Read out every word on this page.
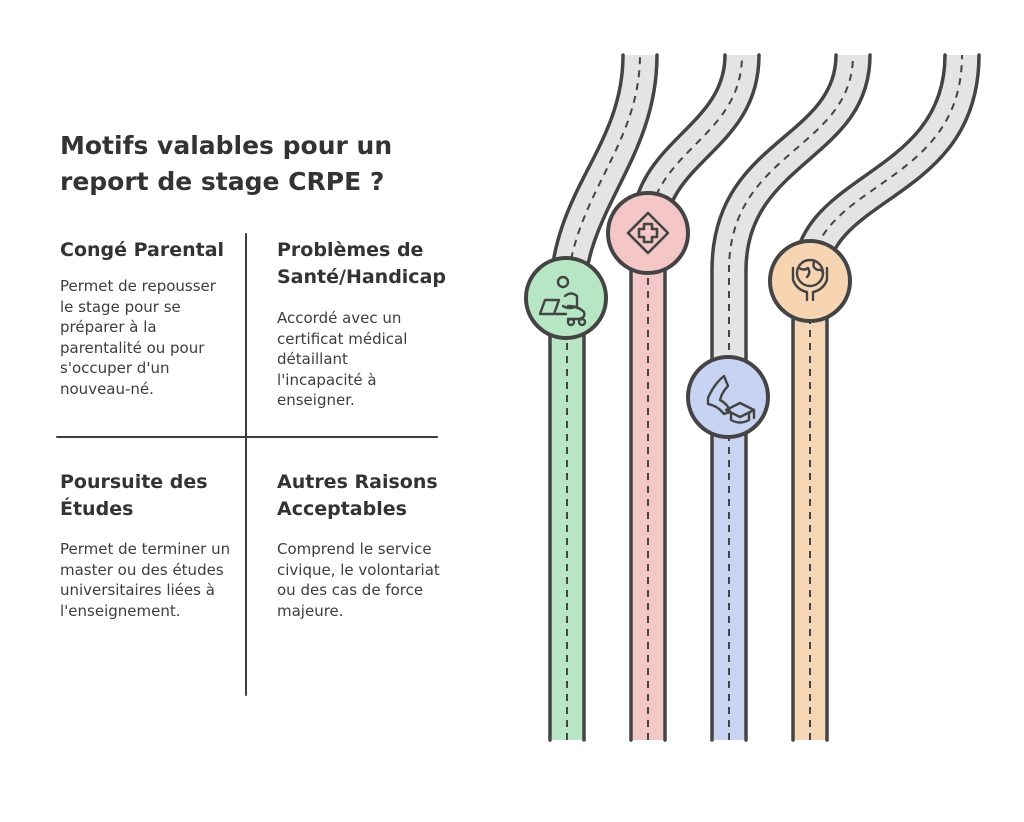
Motifs valables pour un report de stage CRPE ?
Congé Parental

Permet de repousser le stage pour se préparer à la parentalité ou pour s'occuper d'un nouveau-né.

Problèmes de Santé/Handicap

Accordé avec un certificat médical détaillant l'incapacité à enseigner.

Poursuite des Études

Permet de terminer un master ou des études universitaires liées à l'enseignement.

Autres Raisons Acceptables

Comprend le service civique, le volontariat ou des cas de force majeure.
